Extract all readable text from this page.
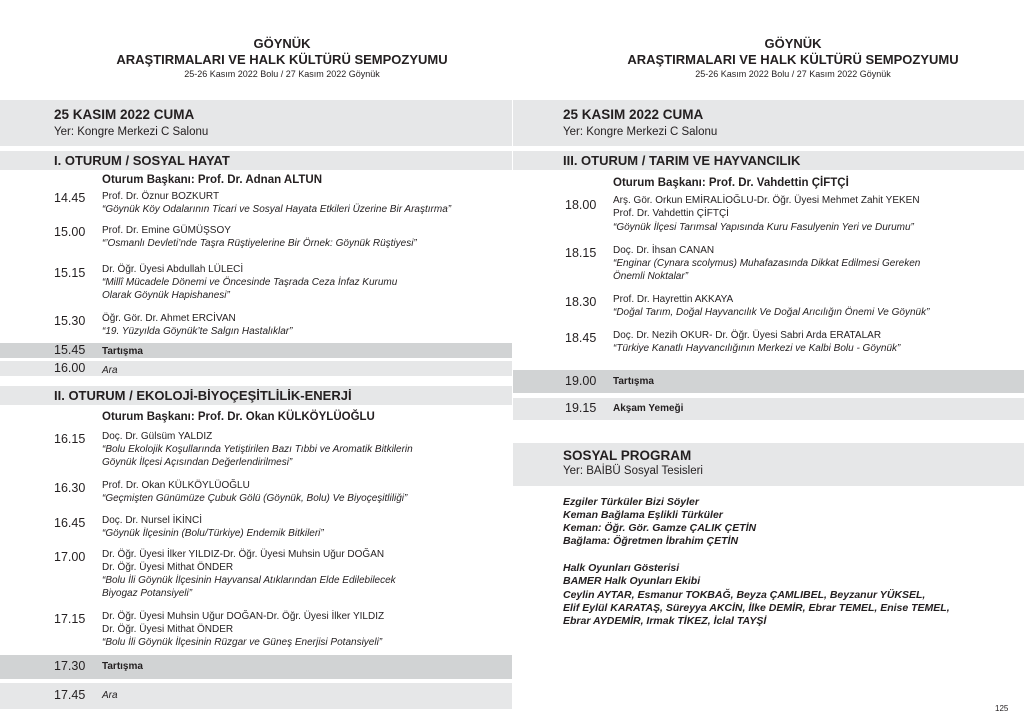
GÖYNÜK
ARAŞTIRMALARI VE HALK KÜLTÜRÜ SEMPOZYUMU
25-26 Kasım 2022 Bolu / 27 Kasım 2022 Göynük
25 KASIM 2022 CUMA
Yer: Kongre Merkezi C Salonu
I. OTURUM / SOSYAL HAYAT
Oturum Başkanı: Prof. Dr. Adnan ALTUN
14.45 Prof. Dr. Öznur BOZKURT
“Göynük Köy Odalarının Ticari ve Sosyal Hayata Etkileri Üzerine Bir Araştırma”
15.00 Prof. Dr. Emine GÜMÜŞSOY
“’Osmanlı Devleti’nde Taşra Rüştiyelerine Bir Örnek: Göynük Rüştiyesi”
15.15 Dr. Öğr. Üyesi Abdullah LÜLECİ
“Millî Mücadele Dönemi ve Öncesinde Taşrada Ceza İnfaz Kurumu
Olarak Göynük Hapishanesi”
15.30 Öğr. Gör. Dr. Ahmet ERCİVAN
“19. Yüzyılda Göynük’te Salgın Hastalıklar”
15.45 Tartışma
16.00 Ara
II. OTURUM / EKOLOJİ-BİYOÇEŞİTLİLİK-ENERJİ
Oturum Başkanı: Prof. Dr. Okan KÜLKÖYLÜOĞLU
16.15 Doç. Dr. Gülsüm YALDIZ
“Bolu Ekolojik Koşullarında Yetiştirilen Bazı Tıbbi ve Aromatik Bitkilerin
Göynük İlçesi Açısından Değerlendirilmesi”
16.30 Prof. Dr. Okan KÜLKÖYLÜOĞLU
“Geçmişten Günümüze Çubuk Gölü (Göynük, Bolu) Ve Biyoçeşitliliği”
16.45 Doç. Dr. Nursel İKİNCİ
“Göynük İlçesinin (Bolu/Türkiye) Endemik Bitkileri”
17.00 Dr. Öğr. Üyesi İlker YILDIZ-Dr. Öğr. Üyesi Muhsin Uğur DOĞAN
Dr. Öğr. Üyesi Mithat ÖNDER
“Bolu İli Göynük İlçesinin Hayvansal Atıklarından Elde Edilebilecek
Biyogaz Potansiyeli”
17.15 Dr. Öğr. Üyesi Muhsin Uğur DOĞAN-Dr. Öğr. Üyesi İlker YILDIZ
Dr. Öğr. Üyesi Mithat ÖNDER
“Bolu İli Göynük İlçesinin Rüzgar ve Güneş Enerjisi Potansiyeli”
17.30 Tartışma
17.45 Ara
GÖYNÜK
ARAŞTIRMALARI VE HALK KÜLTÜRÜ SEMPOZYUMU
25-26 Kasım 2022 Bolu / 27 Kasım 2022 Göynük
25 KASIM 2022 CUMA
Yer: Kongre Merkezi C Salonu
III. OTURUM / TARIM VE HAYVANCILIK
Oturum Başkanı: Prof. Dr. Vahdettin ÇİFTÇİ
18.00 Arş. Gör. Orkun EMİRALİOĞLU-Dr. Öğr. Üyesi Mehmet Zahit YEKEN
Prof. Dr. Vahdettin ÇİFTÇİ
“Göynük İlçesi Tarımsal Yapısında Kuru Fasulyenin Yeri ve Durumu”
18.15 Doç. Dr. İhsan CANAN
“Enginar (Cynara scolymus) Muhafazasında Dikkat Edilmesi Gereken
Önemli Noktalar”
18.30 Prof. Dr. Hayrettin AKKAYA
“Doğal Tarım, Doğal Hayvancılık Ve Doğal Arıcılığın Önemi Ve Göynük”
18.45 Doç. Dr. Nezih OKUR- Dr. Öğr. Üyesi Sabri Arda ERATALAR
“Türkiye Kanatlı Hayvancılığının Merkezi ve Kalbi Bolu - Göynük”
19.00 Tartışma
19.15 Akşam Yemeği
SOSYAL PROGRAM
Yer: BAİBÜ Sosyal Tesisleri
Ezgiler Türküler Bizi Söyler
Keman Bağlama Eşlikli Türküler
Keman: Öğr. Gör. Gamze ÇALIK ÇETİN
Bağlama: Öğretmen İbrahim ÇETİN
Halk Oyunları Gösterisi
BAMER Halk Oyunları Ekibi
Ceylin AYTAR, Esmanur TOKBAĞ, Beyza ÇAMLIBEL, Beyzanur YÜKSEL,
Elif Eylül KARATAŞ, Süreyya AKCİN, İlke DEMİR, Ebrar TEMEL, Enise TEMEL,
Ebrar AYDEMİR, Irmak TİKEZ, İclal TAYŞİ
125
